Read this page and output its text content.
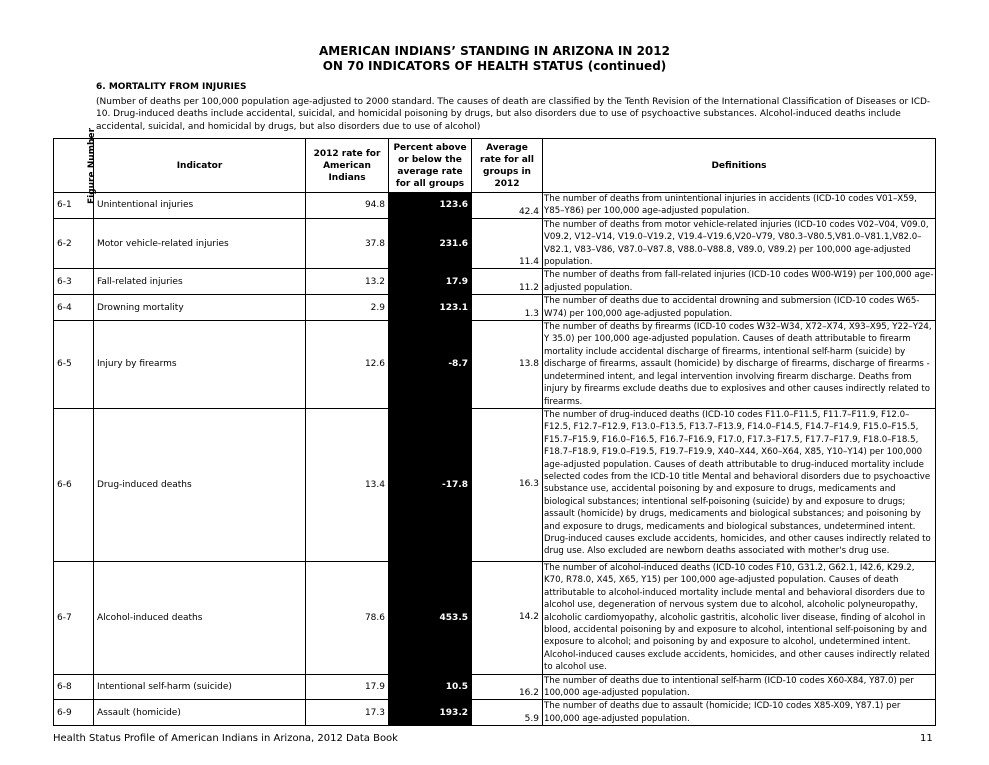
AMERICAN INDIANS’ STANDING IN ARIZONA IN 2012
ON 70 INDICATORS OF HEALTH STATUS (continued)
6. MORTALITY FROM INJURIES
(Number of deaths per 100,000 population age-adjusted to 2000 standard. The causes of death are classified by the Tenth Revision of the International Classification of Diseases or ICD-10. Drug-induced deaths include accidental, suicidal, and homicidal poisoning by drugs, but also disorders due to use of psychoactive substances. Alcohol-induced deaths include accidental, suicidal, and homicidal by drugs, but also disorders due to use of alcohol)
Figure Number	Indicator	2012 rate for American Indians	Percent above or below the average rate for all groups	Average rate for all groups in 2012	Definitions
6-1	Unintentional injuries	94.8	123.6	42.4	The number of deaths from unintentional injuries in accidents (ICD-10 codes V01–X59, Y85–Y86) per 100,000 age-adjusted population.
6-2	Motor vehicle-related injuries	37.8	231.6	11.4	The number of deaths from motor vehicle-related injuries (ICD-10 codes V02–V04, V09.0, V09.2, V12–V14, V19.0–V19.2, V19.4–V19.6,V20–V79, V80.3–V80.5,V81.0–V81.1,V82.0–V82.1, V83–V86, V87.0–V87.8, V88.0–V88.8, V89.0, V89.2) per 100,000 age-adjusted population.
6-3	Fall-related injuries	13.2	17.9	11.2	The number of deaths from fall-related injuries (ICD-10 codes W00-W19) per 100,000 age-adjusted population.
6-4	Drowning mortality	2.9	123.1	1.3	The number of deaths due to accidental drowning and submersion (ICD-10 codes W65-W74) per 100,000 age-adjusted population.
6-5	Injury by firearms	12.6	-8.7	13.8	The number of deaths by firearms (ICD-10 codes W32–W34, X72–X74, X93–X95, Y22–Y24, Y 35.0) per 100,000 age-adjusted population. Causes of death attributable to firearm mortality include accidental discharge of firearms, intentional self-harm (suicide) by discharge of firearms, assault (homicide) by discharge of firearms, discharge of firearms -undetermined intent, and legal intervention involving firearm discharge. Deaths from injury by firearms exclude deaths due to explosives and other causes indirectly related to firearms.
6-6	Drug-induced deaths	13.4	-17.8	16.3	The number of drug-induced deaths (ICD-10 codes F11.0–F11.5, F11.7–F11.9, F12.0–F12.5, F12.7–F12.9, F13.0–F13.5, F13.7–F13.9, F14.0–F14.5, F14.7–F14.9, F15.0–F15.5, F15.7–F15.9, F16.0–F16.5, F16.7–F16.9, F17.0, F17.3–F17.5, F17.7–F17.9, F18.0–F18.5, F18.7–F18.9, F19.0–F19.5, F19.7–F19.9, X40–X44, X60–X64, X85, Y10–Y14) per 100,000 age-adjusted population. Causes of death attributable to drug-induced mortality include selected codes from the ICD-10 title Mental and behavioral disorders due to psychoactive substance use, accidental poisoning by and exposure to drugs, medicaments and biological substances; intentional self-poisoning (suicide) by and exposure to drugs; assault (homicide) by drugs, medicaments and biological substances; and poisoning by and exposure to drugs, medicaments and biological substances, undetermined intent. Drug-induced causes exclude accidents, homicides, and other causes indirectly related to drug use. Also excluded are newborn deaths associated with mother's drug use.
6-7	Alcohol-induced deaths	78.6	453.5	14.2	The number of alcohol-induced deaths (ICD-10 codes F10, G31.2, G62.1, I42.6, K29.2, K70, R78.0, X45, X65, Y15) per 100,000 age-adjusted population. Causes of death attributable to alcohol-induced mortality include mental and behavioral disorders due to alcohol use, degeneration of nervous system due to alcohol, alcoholic polyneuropathy, alcoholic cardiomyopathy, alcoholic gastritis, alcoholic liver disease, finding of alcohol in blood, accidental poisoning by and exposure to alcohol, intentional self-poisoning by and exposure to alcohol; and poisoning by and exposure to alcohol, undetermined intent. Alcohol-induced causes exclude accidents, homicides, and other causes indirectly related to alcohol use.
6-8	Intentional self-harm (suicide)	17.9	10.5	16.2	The number of deaths due to intentional self-harm (ICD-10 codes X60-X84, Y87.0) per 100,000 age-adjusted population.
6-9	Assault (homicide)	17.3	193.2	5.9	The number of deaths due to assault (homicide; ICD-10 codes X85-X09, Y87.1) per 100,000 age-adjusted population.
Health Status Profile of American Indians in Arizona, 2012 Data Book	11
